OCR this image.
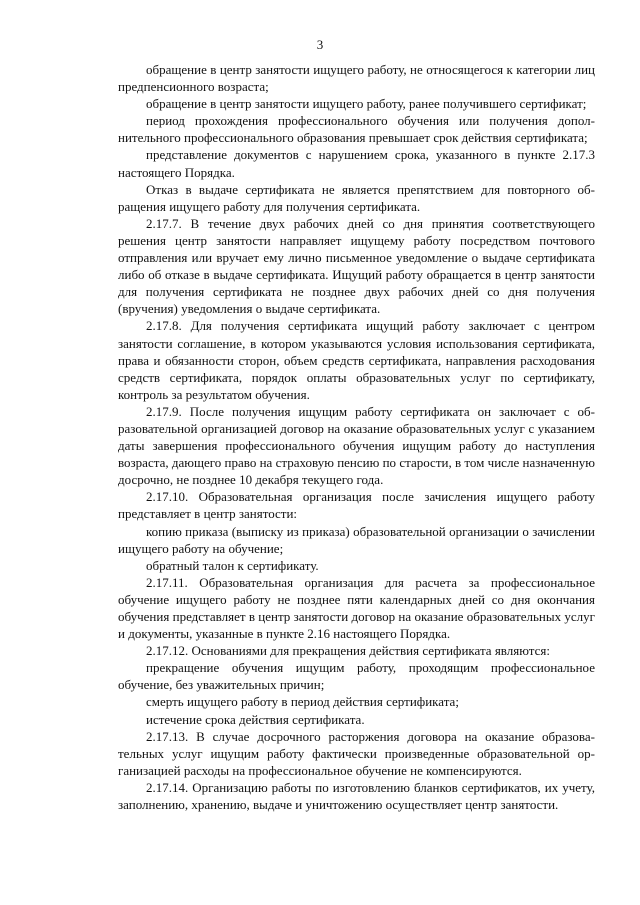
3

обращение в центр занятости ищущего работу, не относящегося к категории лиц предпенсионного возраста;

обращение в центр занятости ищущего работу, ранее получившего сертификат;

период прохождения профессионального обучения или получения дополнительного профессионального образования превышает срок действия сертификата;

представление документов с нарушением срока, указанного в пункте 2.17.3 настоящего Порядка.

Отказ в выдаче сертификата не является препятствием для повторного обращения ищущего работу для получения сертификата.

2.17.7. В течение двух рабочих дней со дня принятия соответствующего решения центр занятости направляет ищущему работу посредством почтового отправления или вручает ему лично письменное уведомление о выдаче сертификата либо об отказе в выдаче сертификата. Ищущий работу обращается в центр занятости для получения сертификата не позднее двух рабочих дней со дня получения (вручения) уведомления о выдаче сертификата.

2.17.8. Для получения сертификата ищущий работу заключает с центром занятости соглашение, в котором указываются условия использования сертификата, права и обязанности сторон, объем средств сертификата, направления расходования средств сертификата, порядок оплаты образовательных услуг по сертификату, контроль за результатом обучения.

2.17.9. После получения ищущим работу сертификата он заключает с образовательной организацией договор на оказание образовательных услуг с указанием даты завершения профессионального обучения ищущим работу до наступления возраста, дающего право на страховую пенсию по старости, в том числе назначенную досрочно, не позднее 10 декабря текущего года.

2.17.10. Образовательная организация после зачисления ищущего работу представляет в центр занятости:

копию приказа (выписку из приказа) образовательной организации о зачислении ищущего работу на обучение;

обратный талон к сертификату.

2.17.11. Образовательная организация для расчета за профессиональное обучение ищущего работу не позднее пяти календарных дней со дня окончания обучения представляет в центр занятости договор на оказание образовательных услуг и документы, указанные в пункте 2.16 настоящего Порядка.

2.17.12. Основаниями для прекращения действия сертификата являются:

прекращение обучения ищущим работу, проходящим профессиональное обучение, без уважительных причин;

смерть ищущего работу в период действия сертификата;

истечение срока действия сертификата.

2.17.13. В случае досрочного расторжения договора на оказание образовательных услуг ищущим работу фактически произведенные образовательной организацией расходы на профессиональное обучение не компенсируются.

2.17.14. Организацию работы по изготовлению бланков сертификатов, их учету, заполнению, хранению, выдаче и уничтожению осуществляет центр занятости.
